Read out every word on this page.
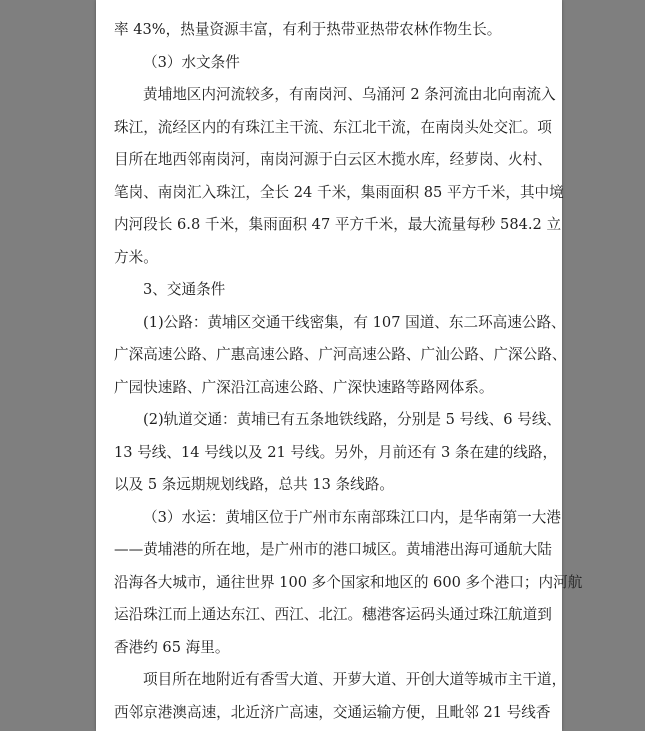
率 43%，热量资源丰富，有利于热带亚热带农林作物生长。
（3）水文条件
黄埔地区内河流较多，有南岗河、乌涌河 2 条河流由北向南流入
珠江，流经区内的有珠江主干流、东江北干流，在南岗头处交汇。项
目所在地西邻南岗河，南岗河源于白云区木揽水库，经萝岗、火村、
笔岗、南岗汇入珠江，全长 24 千米，集雨面积 85 平方千米，其中境
内河段长 6.8 千米，集雨面积 47 平方千米，最大流量每秒 584.2 立
方米。
3、交通条件
(1)公路：黄埔区交通干线密集，有 107 国道、东二环高速公路、
广深高速公路、广惠高速公路、广河高速公路、广汕公路、广深公路、
广园快速路、广深沿江高速公路、广深快速路等路网体系。
(2)轨道交通：黄埔已有五条地铁线路，分别是 5 号线、6 号线、
13 号线、14 号线以及 21 号线。另外，月前还有 3 条在建的线路，
以及 5 条远期规划线路，总共 13 条线路。
（3）水运：黄埔区位于广州市东南部珠江口内，是华南第一大港
——黄埔港的所在地，是广州市的港口城区。黄埔港出海可通航大陆
沿海各大城市，通往世界 100 多个国家和地区的 600 多个港口；内河航
运沿珠江而上通达东江、西江、北江。穗港客运码头通过珠江航道到
香港约 65 海里。
项目所在地附近有香雪大道、开萝大道、开创大道等城市主干道，
西邻京港澳高速，北近济广高速，交通运输方便，且毗邻 21 号线香
